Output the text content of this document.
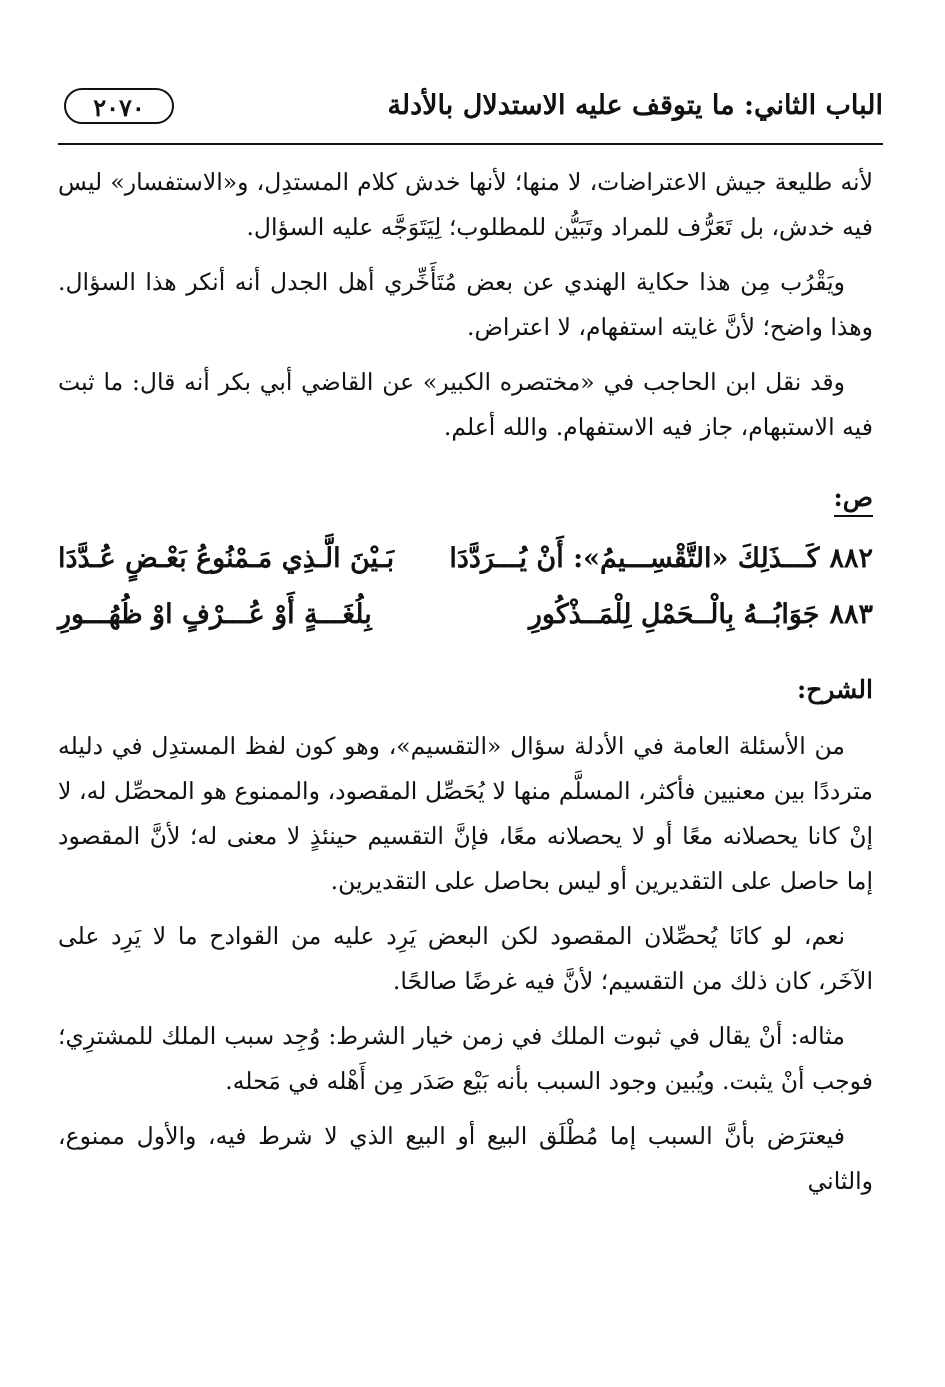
الباب الثاني: ما يتوقف عليه الاستدلال بالأدلة
٢٠٧٠

لأنه طليعة جيش الاعتراضات، لا منها؛ لأنها خدش كلام المستدِل، و«الاستفسار» ليس فيه خدش، بل تَعَرُّف للمراد وتَبَيُّن للمطلوب؛ لِيَتَوَجَّه عليه السؤال.

ويَقْرُب مِن هذا حكاية الهندي عن بعض مُتَأَخِّري أهل الجدل أنه أنكر هذا السؤال. وهذا واضح؛ لأنَّ غايته استفهام، لا اعتراض.

وقد نقل ابن الحاجب في «مختصره الكبير» عن القاضي أبي بكر أنه قال: ما ثبت فيه الاستبهام، جاز فيه الاستفهام. والله أعلم.

ص:
٨٨٢كَـــذَلِكَ «التَّقْسِـــيمُ»: أَنْ يُـــرَدَّدَا
بَـيْنَ الَّـذِي مَـمْنُوعُ بَعْـضٍ عُـدَّدَا
٨٨٣جَوَابُــهُ بِالْــحَمْلِ لِلْمَــذْكُورِ
بِلُغَـــةٍ أَوْ عُـــرْفٍ اوْ ظُهُـــورِ

الشرح:

من الأسئلة العامة في الأدلة سؤال «التقسيم»، وهو كون لفظ المستدِل في دليله مترددًا بين معنيين فأكثر، المسلَّم منها لا يُحَصِّل المقصود، والممنوع هو المحصِّل له، لا إنْ كانا يحصلانه معًا أو لا يحصلانه معًا، فإنَّ التقسيم حينئذٍ لا معنى له؛ لأنَّ المقصود إما حاصل على التقديرين أو ليس بحاصل على التقديرين.

نعم، لو كانَا يُحصِّلان المقصود لكن البعض يَرِد عليه من القوادح ما لا يَرِد على الآخَر، كان ذلك من التقسيم؛ لأنَّ فيه غرضًا صالحًا.

مثاله: أنْ يقال في ثبوت الملك في زمن خيار الشرط: وُجِد سبب الملك للمشترِي؛ فوجب أنْ يثبت. ويُبين وجود السبب بأنه بَيْع صَدَر مِن أَهْله في مَحله.

فيعترَض بأنَّ السبب إما مُطْلَق البيع أو البيع الذي لا شرط فيه، والأول ممنوع، والثاني
